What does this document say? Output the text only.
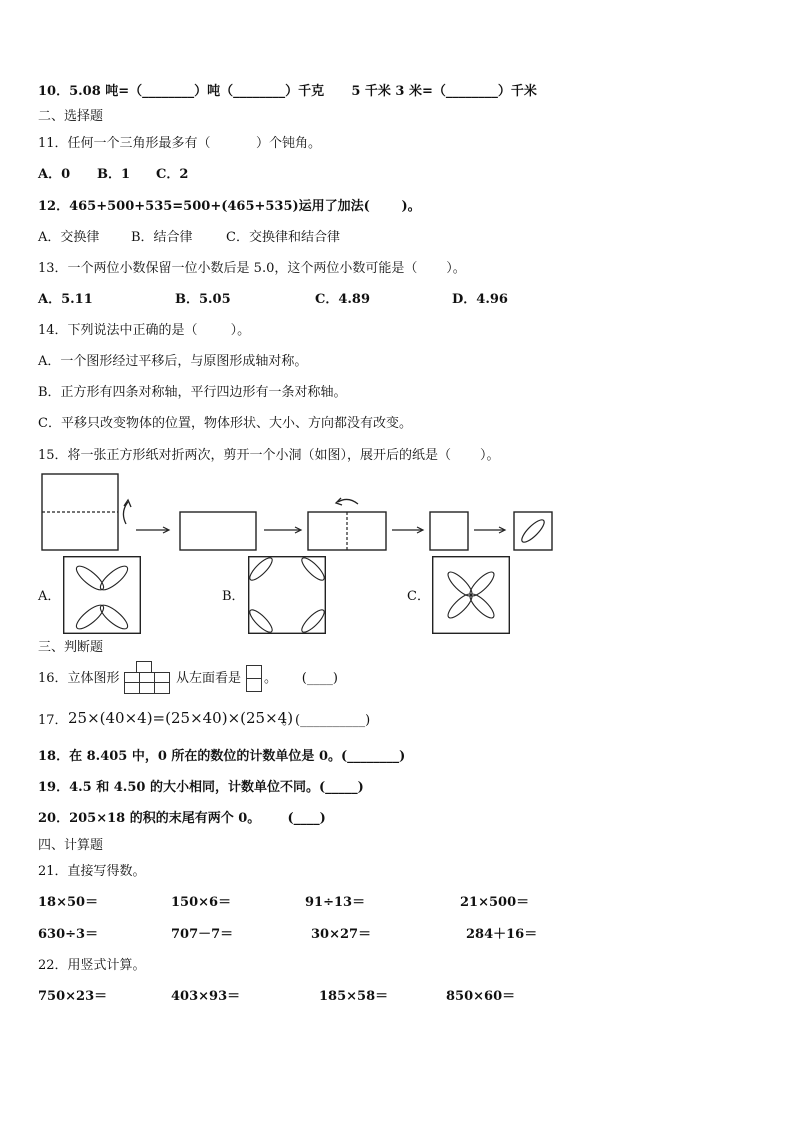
10．5.08 吨=（________）吨（________）千克      5 千米 3 米=（________）千米
二、选择题
11．任何一个三角形最多有（           ）个钝角。
A．0 B．1 C．2
12．465+500+535=500+(465+535)运用了加法(       )。
A．交换律 B．结合律	C．交换律和结合律
13．一个两位小数保留一位小数后是 5.0，这个两位小数可能是（       ）。
A．5.11	B．5.05	C．4.89	D．4.96
14．下列说法中正确的是（        ）。
A．一个图形经过平移后，与原图形成轴对称。
B．正方形有四条对称轴，平行四边形有一条对称轴。
C．平移只改变物体的位置，物体形状、大小、方向都没有改变。
15．将一张正方形纸对折两次，剪开一个小洞（如图），展开后的纸是（       ）。
A．	B．	C．
三、判断题
16．立体图形	从左面看是 。      (____)
17． 25×(40×4)=(25×40)×(25×4)
。(__________)
18．在 8.405 中，0 所在的数位的计数单位是 0。(________)
19．4.5 和 4.50 的大小相同，计数单位不同。(_____)
20．205×18 的积的末尾有两个 0。      (____)
四、计算题
21．直接写得数。
18×50＝	150×6＝	91÷13＝	21×500＝
630÷3＝	707－7＝	30×27＝	284＋16＝
22．用竖式计算。
750×23＝	403×93＝	185×58＝	850×60＝
